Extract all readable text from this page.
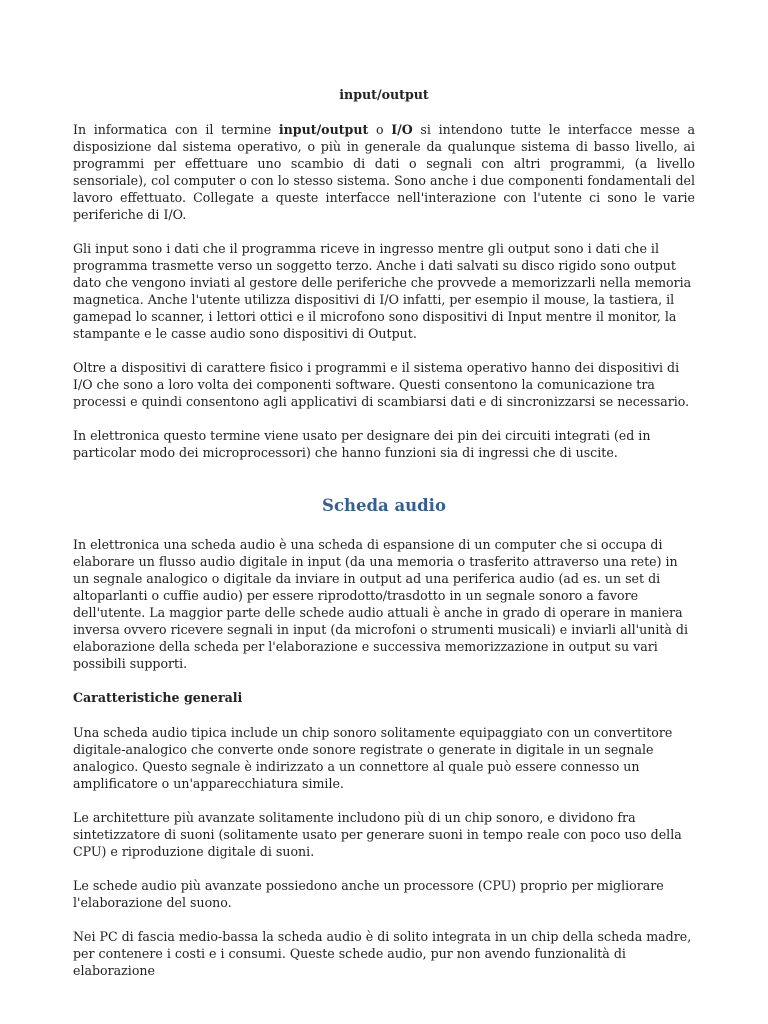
input/output

In informatica con il termine input/output o I/O si intendono tutte le interfacce messe a disposizione dal sistema operativo, o più in generale da qualunque sistema di basso livello, ai programmi per effettuare uno scambio di dati o segnali con altri programmi, (a livello sensoriale), col computer o con lo stesso sistema. Sono anche i due componenti fondamentali del lavoro effettuato. Collegate a queste interfacce nell'interazione con l'utente ci sono le varie periferiche di I/O.

Gli input sono i dati che il programma riceve in ingresso mentre gli output sono i dati che il programma trasmette verso un soggetto terzo. Anche i dati salvati su disco rigido sono output dato che vengono inviati al gestore delle periferiche che provvede a memorizzarli nella memoria magnetica. Anche l'utente utilizza dispositivi di I/O infatti, per esempio il mouse, la tastiera, il gamepad lo scanner, i lettori ottici e il microfono sono dispositivi di Input mentre il monitor, la stampante e le casse audio sono dispositivi di Output.

Oltre a dispositivi di carattere fisico i programmi e il sistema operativo hanno dei dispositivi di I/O che sono a loro volta dei componenti software. Questi consentono la comunicazione tra processi e quindi consentono agli applicativi di scambiarsi dati e di sincronizzarsi se necessario.

In elettronica questo termine viene usato per designare dei pin dei circuiti integrati (ed in particolar modo dei microprocessori) che hanno funzioni sia di ingressi che di uscite.

Scheda audio

In elettronica una scheda audio è una scheda di espansione di un computer che si occupa di elaborare un flusso audio digitale in input (da una memoria o trasferito attraverso una rete) in un segnale analogico o digitale da inviare in output ad una periferica audio (ad es. un set di altoparlanti o cuffie audio) per essere riprodotto/trasdotto in un segnale sonoro a favore dell'utente. La maggior parte delle schede audio attuali è anche in grado di operare in maniera inversa ovvero ricevere segnali in input (da microfoni o strumenti musicali) e inviarli all'unità di elaborazione della scheda per l'elaborazione e successiva memorizzazione in output su vari possibili supporti.

Caratteristiche generali

Una scheda audio tipica include un chip sonoro solitamente equipaggiato con un convertitore digitale-analogico che converte onde sonore registrate o generate in digitale in un segnale analogico. Questo segnale è indirizzato a un connettore al quale può essere connesso un amplificatore o un'apparecchiatura simile.

Le architetture più avanzate solitamente includono più di un chip sonoro, e dividono fra sintetizzatore di suoni (solitamente usato per generare suoni in tempo reale con poco uso della CPU) e riproduzione digitale di suoni.

Le schede audio più avanzate possiedono anche un processore (CPU) proprio per migliorare l'elaborazione del suono.

Nei PC di fascia medio-bassa la scheda audio è di solito integrata in un chip della scheda madre, per contenere i costi e i consumi. Queste schede audio, pur non avendo funzionalità di elaborazione
